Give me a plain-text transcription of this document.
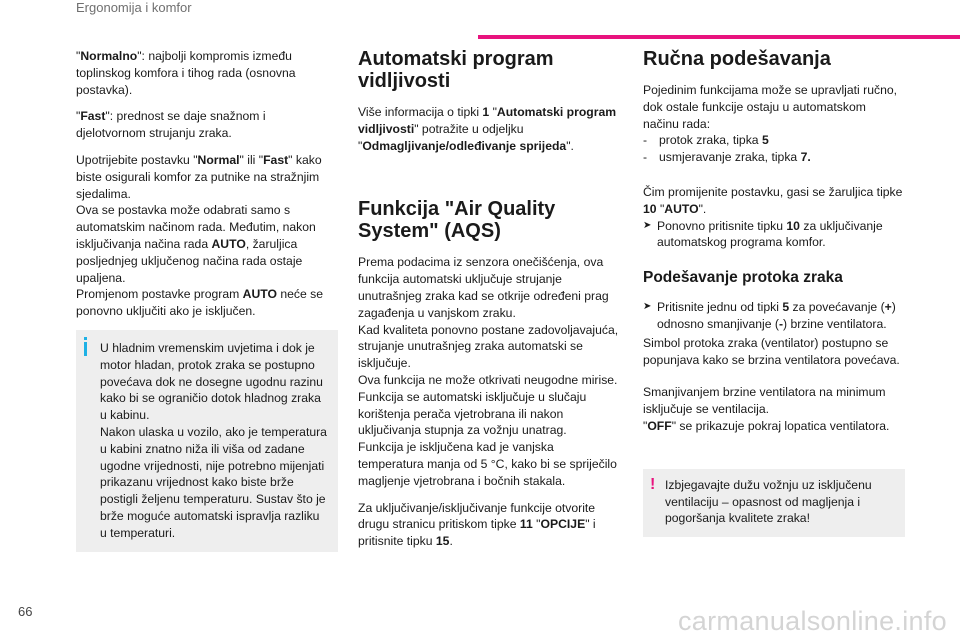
Ergonomija i komfor

"Normalno": najbolji kompromis između toplinskog komfora i tihog rada (osnovna postavka).

"Fast": prednost se daje snažnom i djelotvornom strujanju zraka.

Upotrijebite postavku "Normal" ili "Fast" kako biste osigurali komfor za putnike na stražnjim sjedalima.
Ova se postavka može odabrati samo s automatskim načinom rada. Međutim, nakon isključivanja načina rada AUTO, žaruljica posljednjeg uključenog načina rada ostaje upaljena.
Promjenom postavke program AUTO neće se ponovno uključiti ako je isključen.

U hladnim vremenskim uvjetima i dok je motor hladan, protok zraka se postupno povećava dok ne dosegne ugodnu razinu kako bi se ograničio dotok hladnog zraka u kabinu.
Nakon ulaska u vozilo, ako je temperatura u kabini znatno niža ili viša od zadane ugodne vrijednosti, nije potrebno mijenjati prikazanu vrijednost kako biste brže postigli željenu temperaturu. Sustav što je brže moguće automatski ispravlja razliku u temperaturi.
Automatski program vidljivosti

Više informacija o tipki 1 "Automatski program vidljivosti" potražite u odjeljku "Odmagljivanje/odleđivanje sprijeda".

Funkcija "Air Quality System" (AQS)

Prema podacima iz senzora onečišćenja, ova funkcija automatski uključuje strujanje unutrašnjeg zraka kad se otkrije određeni prag zagađenja u vanjskom zraku.
Kad kvaliteta ponovno postane zadovoljavajuća, strujanje unutrašnjeg zraka automatski se isključuje.
Ova funkcija ne može otkrivati neugodne mirise.
Funkcija se automatski isključuje u slučaju korištenja perača vjetrobrana ili nakon uključivanja stupnja za vožnju unatrag.
Funkcija je isključena kad je vanjska temperatura manja od 5 °C, kako bi se spriječilo magljenje vjetrobrana i bočnih stakala.

Za uključivanje/isključivanje funkcije otvorite drugu stranicu pritiskom tipke 11 "OPCIJE" i pritisnite tipku 15.

Ručna podešavanja

Pojedinim funkcijama može se upravljati ručno, dok ostale funkcije ostaju u automatskom načinu rada:

- protok zraka, tipka 5
- usmjeravanje zraka, tipka 7.

Čim promijenite postavku, gasi se žaruljica tipke 10 "AUTO".

➤ Ponovno pritisnite tipku 10 za uključivanje automatskog programa komfor.
Podešavanje protoka zraka
➤ Pritisnite jednu od tipki 5 za povećavanje (+) odnosno smanjivanje (-) brzine ventilatora.

Simbol protoka zraka (ventilator) postupno se popunjava kako se brzina ventilatora povećava.

Smanjivanjem brzine ventilatora na minimum isključuje se ventilacija.
"OFF" se prikazuje pokraj lopatica ventilatora.

! Izbjegavajte dužu vožnju uz isključenu ventilaciju – opasnost od magljenja i pogoršanja kvalitete zraka!
66	carmanualsonline.info
